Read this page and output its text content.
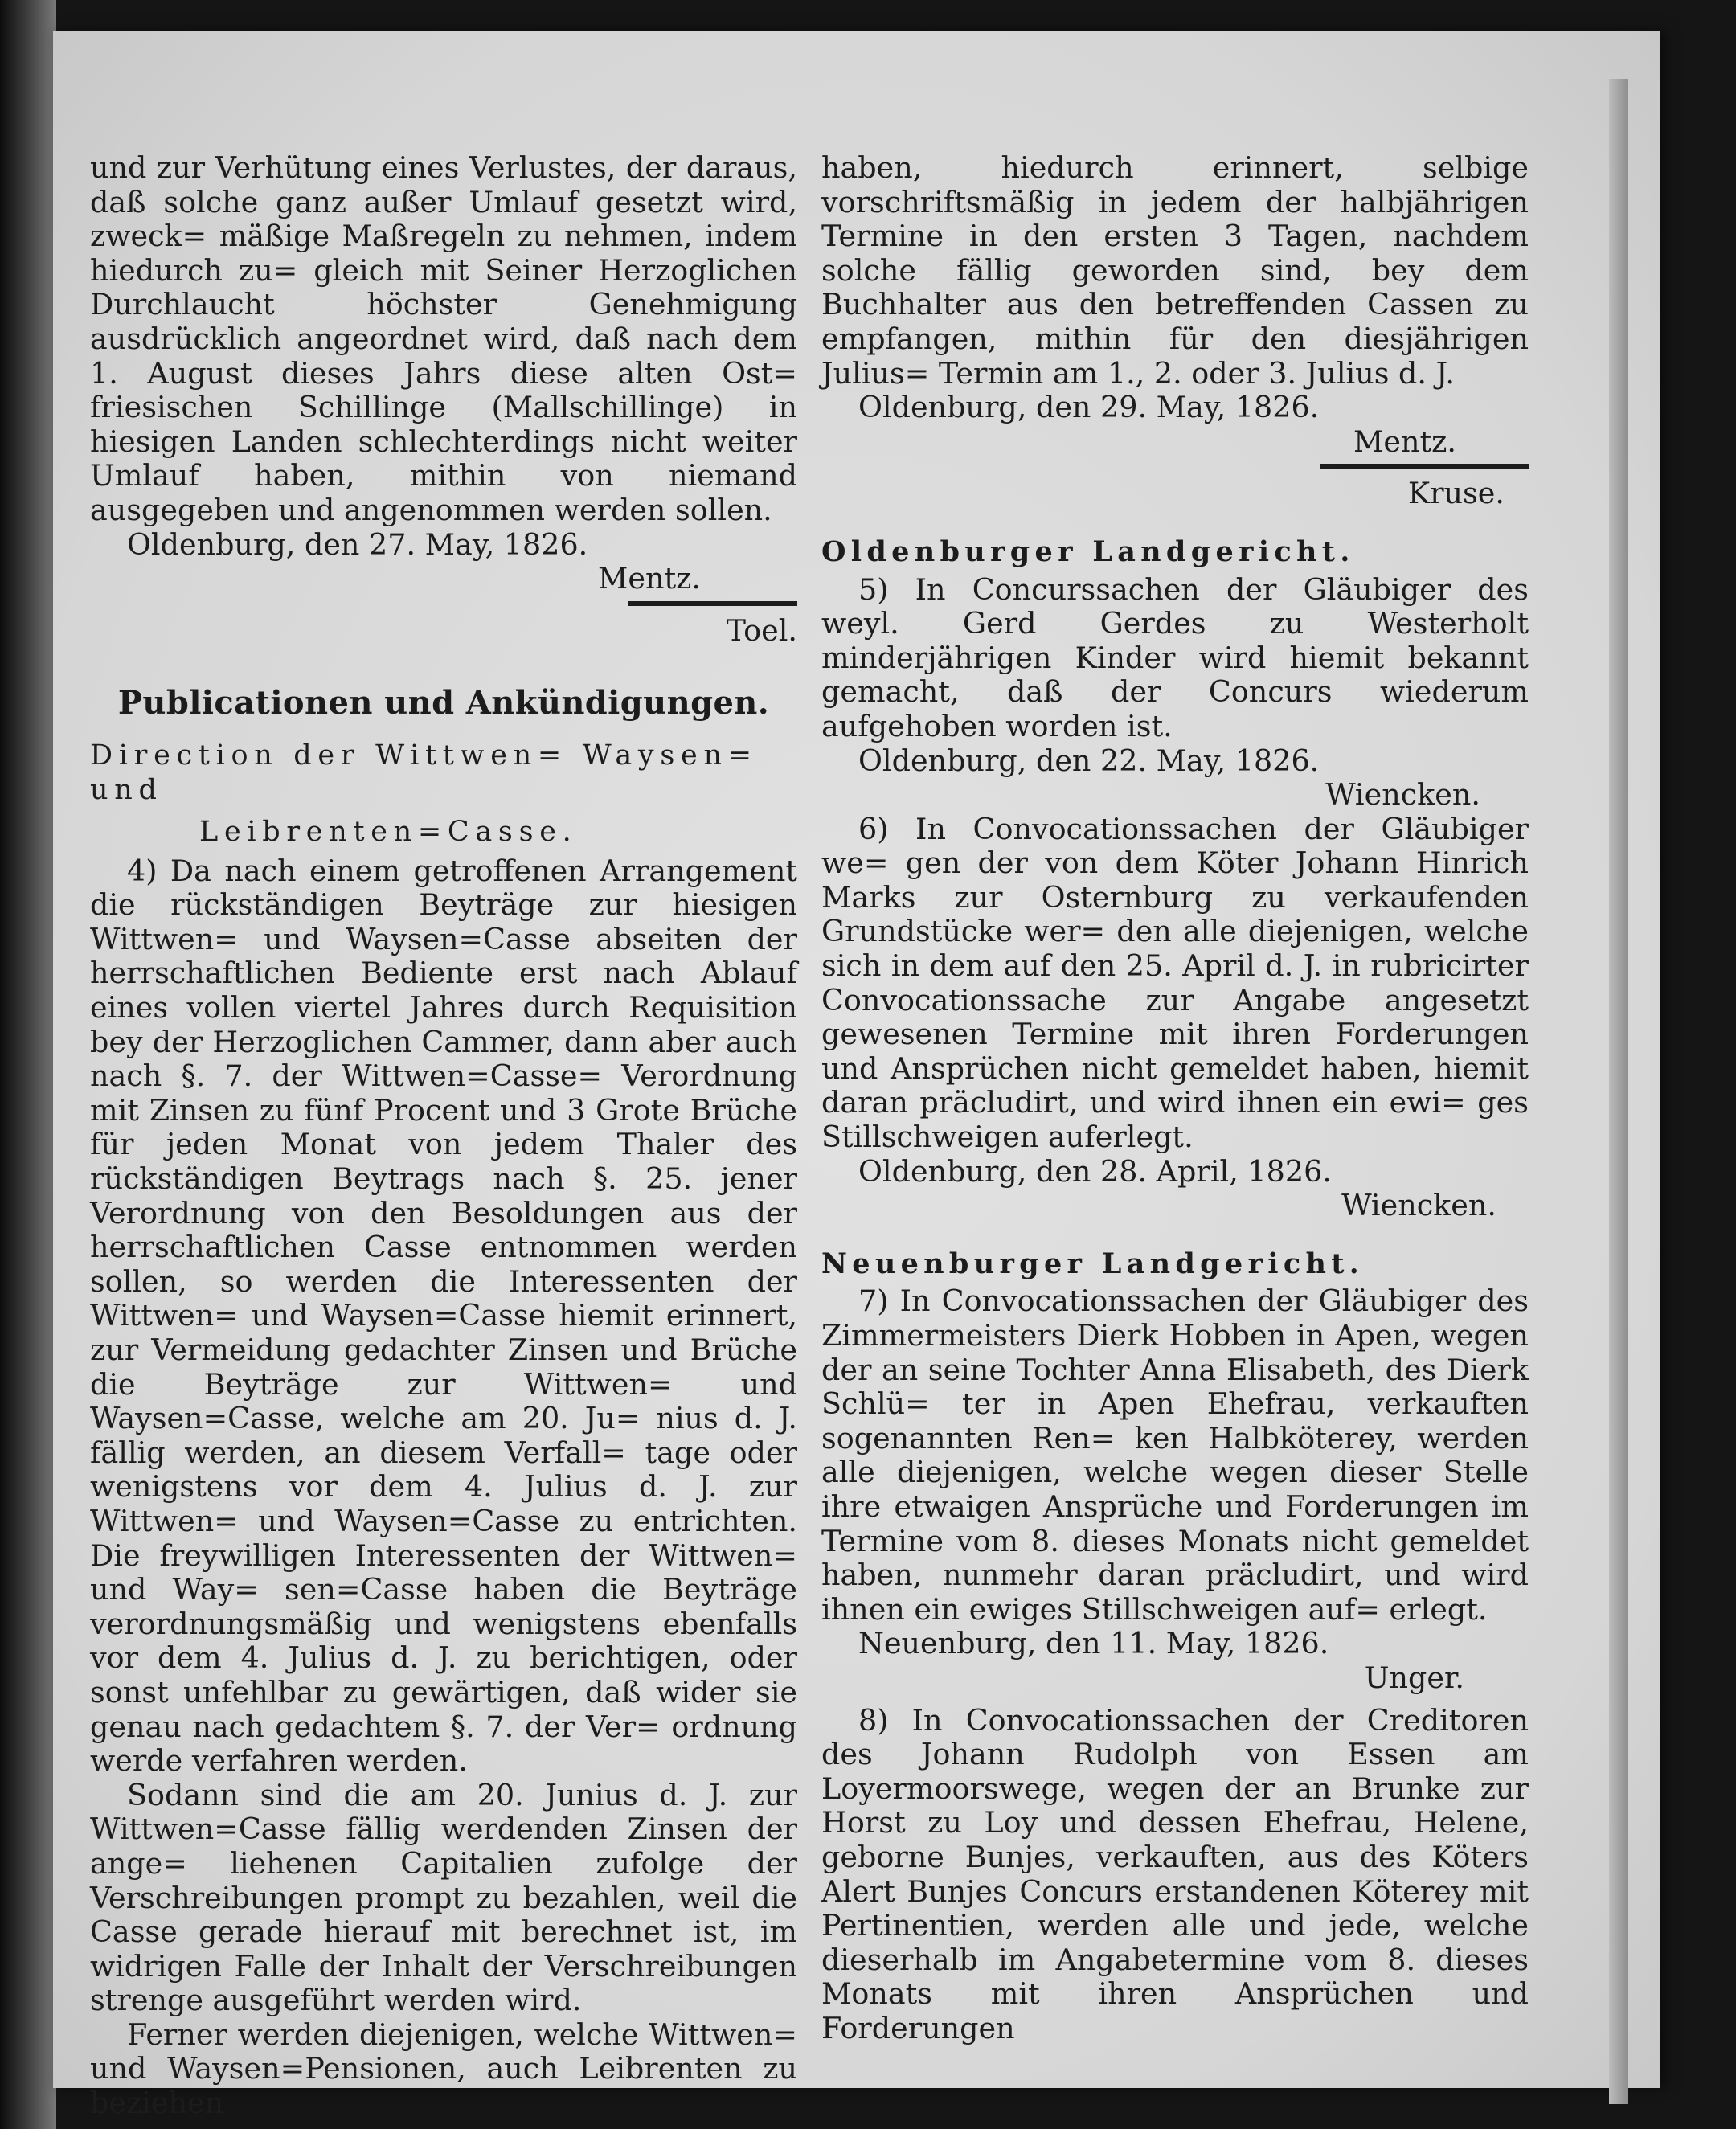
und zur Verhütung eines Verlustes, der daraus, daß solche ganz außer Umlauf gesetzt wird, zweck= mäßige Maßregeln zu nehmen, indem hiedurch zu= gleich mit Seiner Herzoglichen Durchlaucht höchster	Genehmigung ausdrücklich angeordnet wird, daß nach dem 1. August dieses Jahrs diese alten Ost= friesischen Schillinge (Mallschillinge) in hiesigen Landen schlechterdings nicht weiter Umlauf haben, mithin von niemand ausgegeben und angenommen werden sollen.

Oldenburg, den 27. May, 1826.

Mentz.

Toel.

Publicationen und Ankündigungen.
Direction der Wittwen= Waysen= und
Leibrenten=Casse.

4) Da nach einem getroffenen Arrangement die rückständigen Beyträge zur hiesigen Wittwen= und Waysen=Casse abseiten der herrschaftlichen Bediente erst nach Ablauf eines vollen viertel Jahres durch Requisition bey der Herzoglichen Cammer, dann aber auch nach §. 7. der Wittwen=Casse= Verordnung mit Zinsen zu fünf Procent und 3 Grote Brüche für jeden Monat von jedem Thaler des rückständigen Beytrags nach §. 25. jener Verordnung von den Besoldungen aus der herrschaftlichen Casse entnommen werden sollen, so werden die Interessenten der Wittwen= und Waysen=Casse hiemit erinnert, zur Vermeidung gedachter Zinsen und Brüche die Beyträge zur Wittwen= und Waysen=Casse, welche am 20. Ju= nius d. J. fällig werden, an diesem Verfall= tage oder wenigstens vor dem 4. Julius d. J. zur Wittwen= und Waysen=Casse zu entrichten. Die freywilligen Interessenten der Wittwen= und Way= sen=Casse haben die Beyträge verordnungsmäßig und wenigstens ebenfalls vor dem 4. Julius d. J. zu berichtigen, oder sonst unfehlbar zu gewärtigen, daß wider sie genau nach gedachtem §. 7. der Ver= ordnung werde verfahren werden.

Sodann sind die am 20. Junius d. J. zur Wittwen=Casse fällig werdenden Zinsen der ange= liehenen Capitalien zufolge der Verschreibungen prompt zu bezahlen, weil die Casse gerade hierauf mit berechnet ist, im widrigen Falle der Inhalt der Verschreibungen strenge ausgeführt werden wird.

Ferner werden diejenigen, welche Wittwen= und Waysen=Pensionen, auch Leibrenten zu beziehen

haben, hiedurch erinnert, selbige vorschriftsmäßig in jedem der halbjährigen Termine in den ersten 3 Tagen, nachdem solche fällig geworden sind, bey dem Buchhalter aus den betreffenden Cassen zu empfangen, mithin für den diesjährigen Julius= Termin am 1., 2. oder 3. Julius d. J.

Oldenburg, den 29. May, 1826.

Mentz.

Kruse.

Oldenburger Landgericht.

5) In Concurssachen der Gläubiger des weyl. Gerd Gerdes zu Westerholt minderjährigen Kinder wird hiemit bekannt gemacht, daß der Concurs wiederum aufgehoben worden ist.

Oldenburg, den 22. May, 1826.

Wiencken.

6) In Convocationssachen der Gläubiger we= gen der von dem Köter Johann Hinrich Marks zur Osternburg zu verkaufenden Grundstücke wer= den alle diejenigen, welche sich in dem auf den 25. April d. J. in rubricirter Convocationssache zur Angabe angesetzt gewesenen Termine mit ihren Forderungen und Ansprüchen nicht gemeldet haben, hiemit daran präcludirt, und wird ihnen ein ewi= ges Stillschweigen auferlegt.

Oldenburg, den 28. April, 1826.

Wiencken.

Neuenburger Landgericht.

7) In Convocationssachen der Gläubiger des Zimmermeisters Dierk Hobben in Apen, wegen der an seine Tochter Anna Elisabeth, des Dierk Schlü= ter in Apen Ehefrau, verkauften sogenannten Ren= ken Halbköterey, werden alle diejenigen, welche wegen dieser Stelle ihre etwaigen Ansprüche und Forderungen im Termine vom 8. dieses Monats nicht gemeldet haben, nunmehr daran präcludirt, und wird ihnen ein ewiges Stillschweigen auf= erlegt.

Neuenburg, den 11. May, 1826.

Unger.

8) In Convocationssachen der Creditoren des Johann Rudolph von Essen am Loyermoorswege, wegen der an Brunke zur Horst zu Loy und dessen Ehefrau, Helene, geborne Bunjes, verkauften, aus des Köters Alert Bunjes Concurs erstandenen Köterey mit Pertinentien, werden alle und jede, welche dieserhalb im Angabetermine vom 8. dieses Monats mit ihren Ansprüchen und Forderungen
